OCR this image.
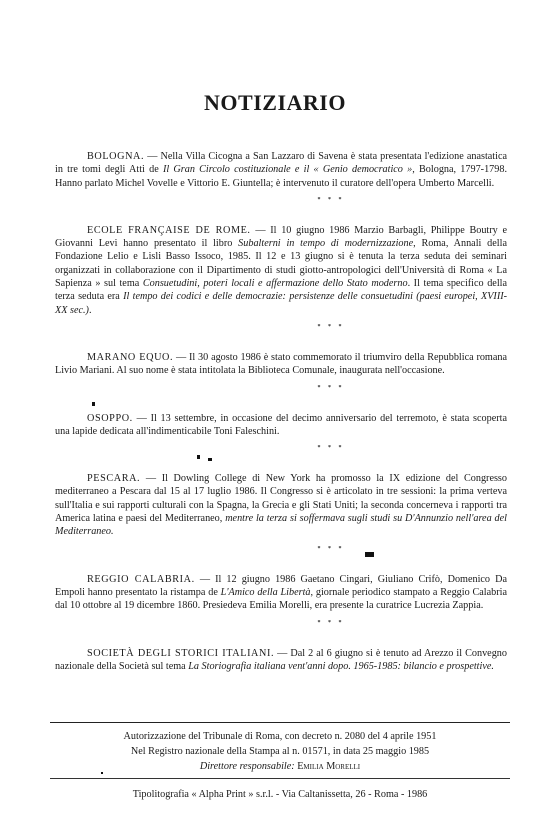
NOTIZIARIO

BOLOGNA. — Nella Villa Cicogna a San Lazzaro di Savena è stata presentata l'edizione anastatica in tre tomi degli Atti de Il Gran Circolo costituzionale e il « Genio democratico », Bologna, 1797-1798. Hanno parlato Michel Vovelle e Vittorio E. Giuntella; è intervenuto il curatore dell'opera Umberto Marcelli.

* * *

ECOLE FRANÇAISE DE ROME. — Il 10 giugno 1986 Marzio Barbagli, Philippe Boutry e Giovanni Levi hanno presentato il libro Subalterni in tempo di modernizzazione, Roma, Annali della Fondazione Lelio e Lisli Basso Issoco, 1985. Il 12 e 13 giugno si è tenuta la terza seduta dei seminari organizzati in collaborazione con il Dipartimento di studi giotto-antropologici dell'Università di Roma « La Sapienza » sul tema Consuetudini, poteri locali e affermazione dello Stato moderno. Il tema specifico della terza seduta era Il tempo dei codici e delle democrazie: persistenze delle consuetudini (paesi europei, XVIII-XX sec.).

* * *

MARANO EQUO. — Il 30 agosto 1986 è stato commemorato il triumviro della Repubblica romana Livio Mariani. Al suo nome è stata intitolata la Biblioteca Comunale, inaugurata nell'occasione.

* * *

OSOPPO. — Il 13 settembre, in occasione del decimo anniversario del terremoto, è stata scoperta una lapide dedicata all'indimenticabile Toni Faleschini.

* * *

PESCARA. — Il Dowling College di New York ha promosso la IX edizione del Congresso mediterraneo a Pescara dal 15 al 17 luglio 1986. Il Congresso si è articolato in tre sessioni: la prima verteva sull'Italia e sui rapporti culturali con la Spagna, la Grecia e gli Stati Uniti; la seconda concerneva i rapporti tra America latina e paesi del Mediterraneo, mentre la terza si soffermava sugli studi su D'Annunzio nell'area del Mediterraneo.

* * *

REGGIO CALABRIA. — Il 12 giugno 1986 Gaetano Cingari, Giuliano Crifò, Domenico Da Empoli hanno presentato la ristampa de L'Amico della Libertà, giornale periodico stampato a Reggio Calabria dal 10 ottobre al 19 dicembre 1860. Presiedeva Emilia Morelli, era presente la curatrice Lucrezia Zappia.

* * *

SOCIETÀ DEGLI STORICI ITALIANI. — Dal 2 al 6 giugno si è tenuto ad Arezzo il Convegno nazionale della Società sul tema La Storiografia italiana vent'anni dopo. 1965-1985: bilancio e prospettive.

Autorizzazione del Tribunale di Roma, con decreto n. 2080 del 4 aprile 1951
Nel Registro nazionale della Stampa al n. 01571, in data 25 maggio 1985
Direttore responsabile: Emilia Morelli
Tipolitografia « Alpha Print » s.r.l. - Via Caltanissetta, 26 - Roma - 1986
